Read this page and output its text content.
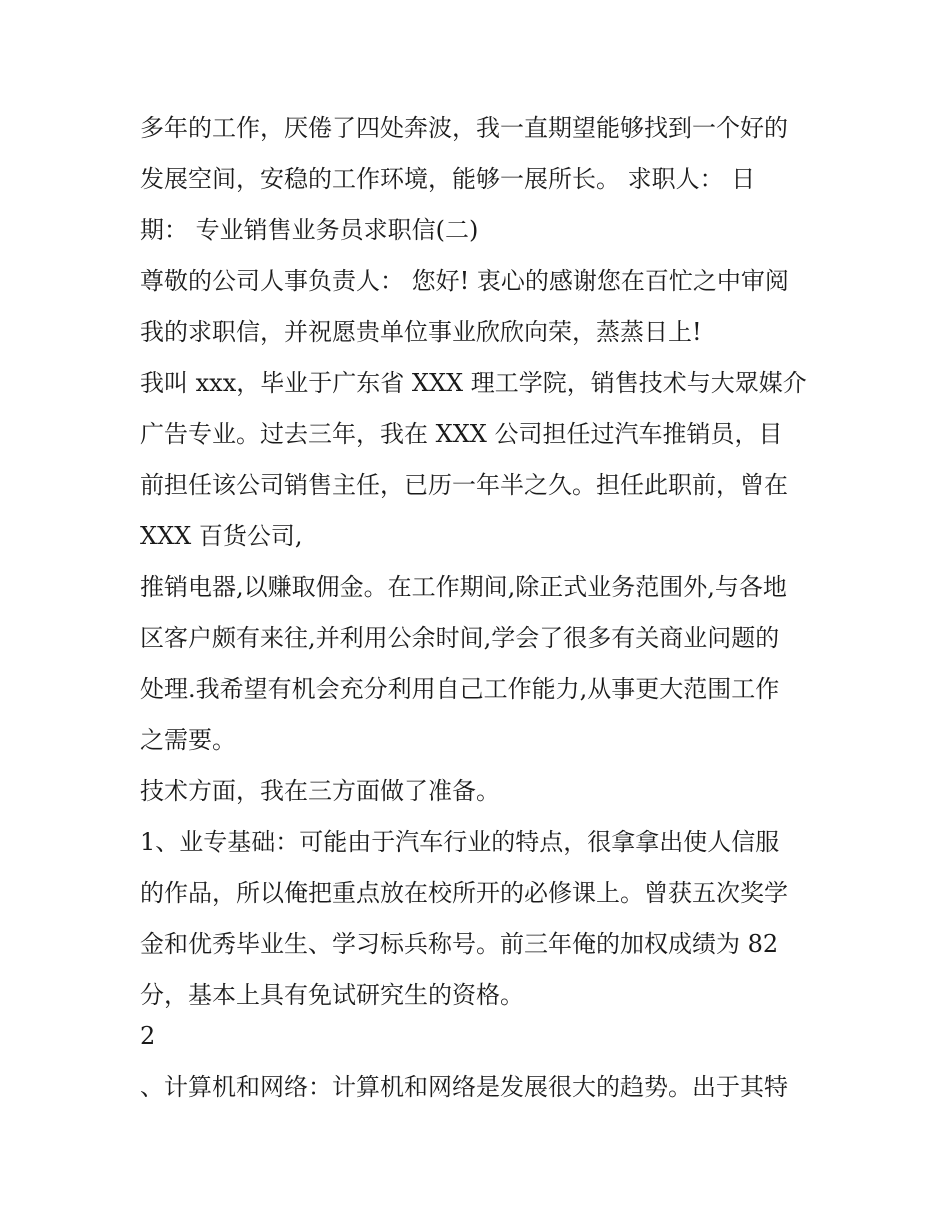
多年的工作，厌倦了四处奔波，我一直期望能够找到一个好的
发展空间，安稳的工作环境，能够一展所长。 求职人： 日
期： 专业销售业务员求职信(二)
尊敬的公司人事负责人： 您好! 衷心的感谢您在百忙之中审阅
我的求职信，并祝愿贵单位事业欣欣向荣，蒸蒸日上!
我叫 xxx，毕业于广东省 XXX 理工学院，销售技术与大眾媒介
广告专业。过去三年，我在 XXX 公司担任过汽车推销员，目
前担任该公司销售主任，已历一年半之久。担任此职前，曾在
XXX 百货公司,
推销电器,以赚取佣金。在工作期间,除正式业务范围外,与各地
区客户颇有来往,并利用公余时间,学会了很多有关商业问题的
处理.我希望有机会充分利用自己工作能力,从事更大范围工作
之需要。
技术方面，我在三方面做了准备。
1、业专基础：可能由于汽车行业的特点，很拿拿出使人信服
的作品，所以俺把重点放在校所开的必修课上。曾获五次奖学
金和优秀毕业生、学习标兵称号。前三年俺的加权成绩为 82
分，基本上具有免试研究生的资格。
2
、计算机和网络：计算机和网络是发展很大的趋势。出于其特
